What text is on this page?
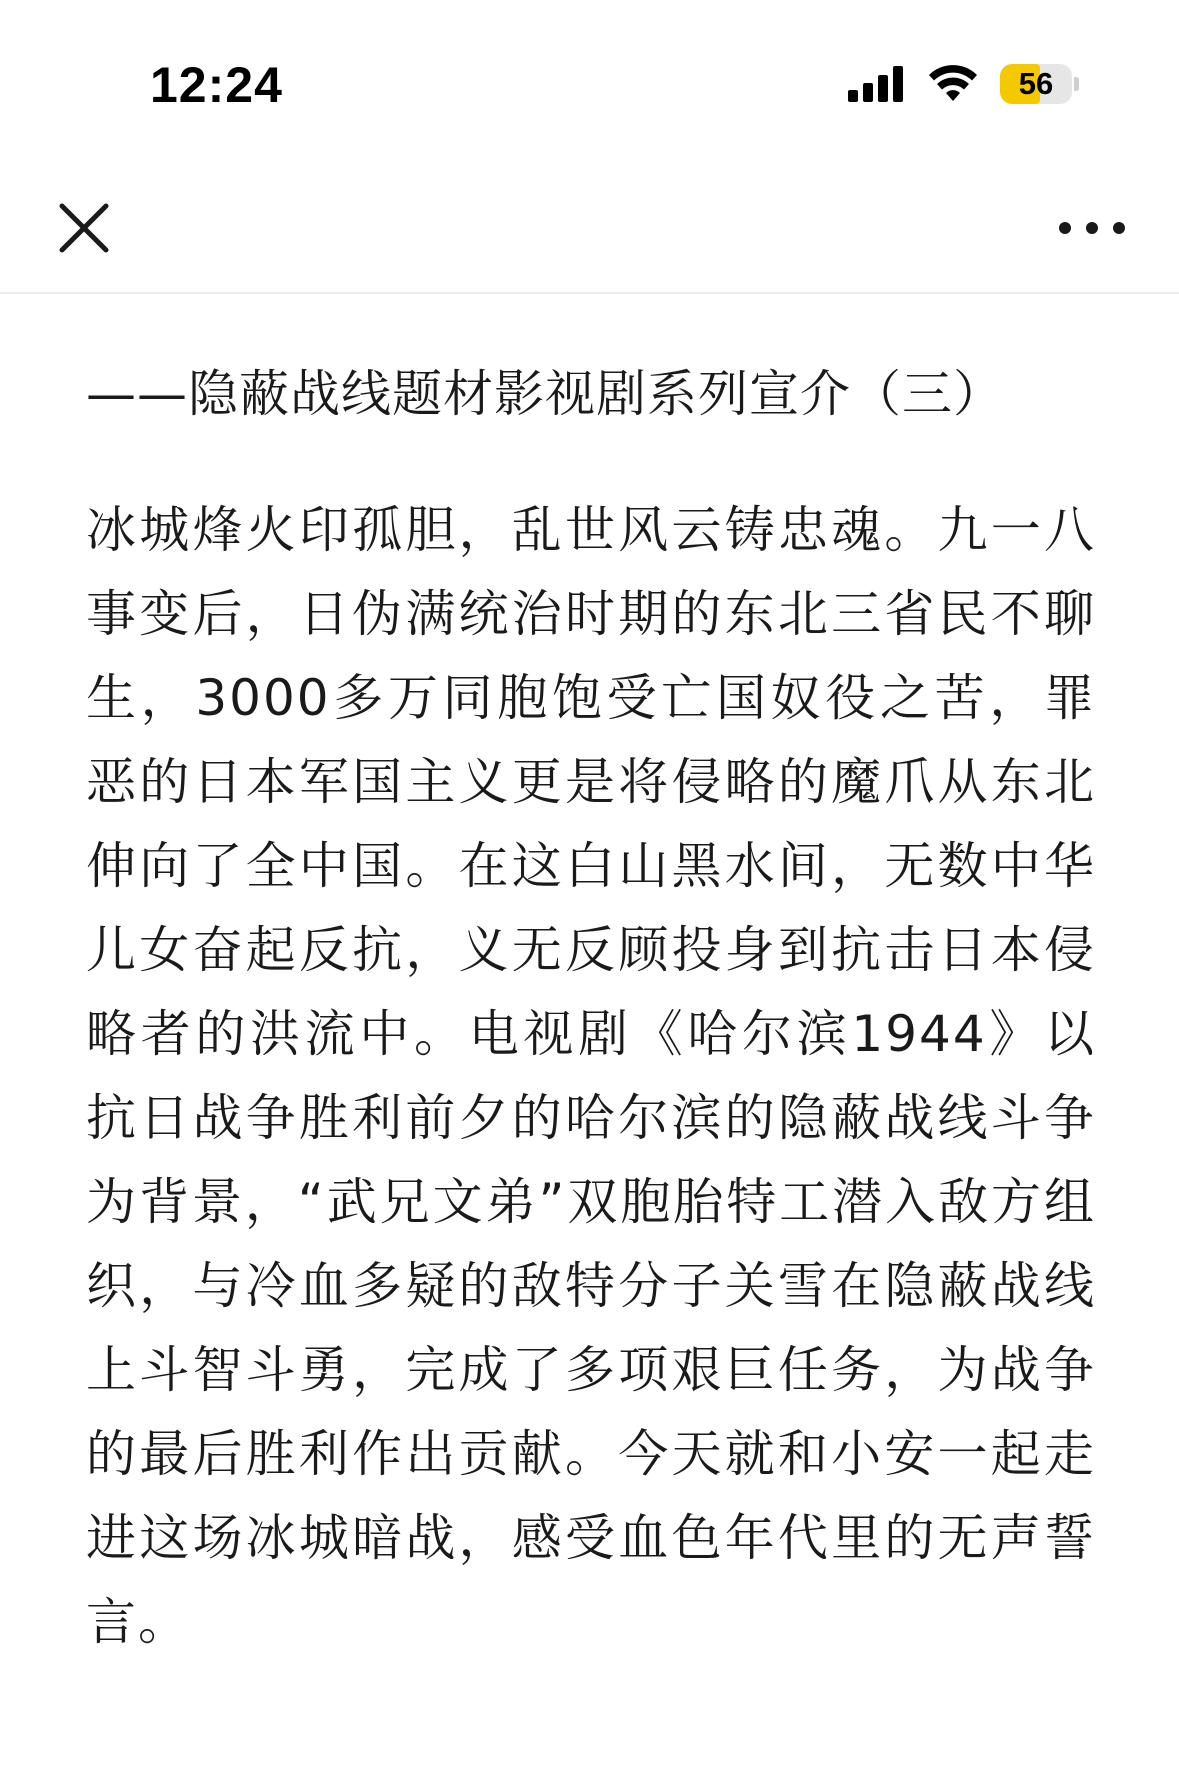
12:24	56
——隐蔽战线题材影视剧系列宣介（三）
冰城烽火印孤胆，乱世风云铸忠魂。九一八事变后，日伪满统治时期的东北三省民不聊生，3000多万同胞饱受亡国奴役之苦，罪恶的日本军国主义更是将侵略的魔爪从东北伸向了全中国。在这白山黑水间，无数中华儿女奋起反抗，义无反顾投身到抗击日本侵略者的洪流中。电视剧《哈尔滨1944》以抗日战争胜利前夕的哈尔滨的隐蔽战线斗争为背景，“武兄文弟”双胞胎特工潜入敌方组织，与冷血多疑的敌特分子关雪在隐蔽战线上斗智斗勇，完成了多项艰巨任务，为战争的最后胜利作出贡献。今天就和小安一起走进这场冰城暗战，感受血色年代里的无声誓言。
